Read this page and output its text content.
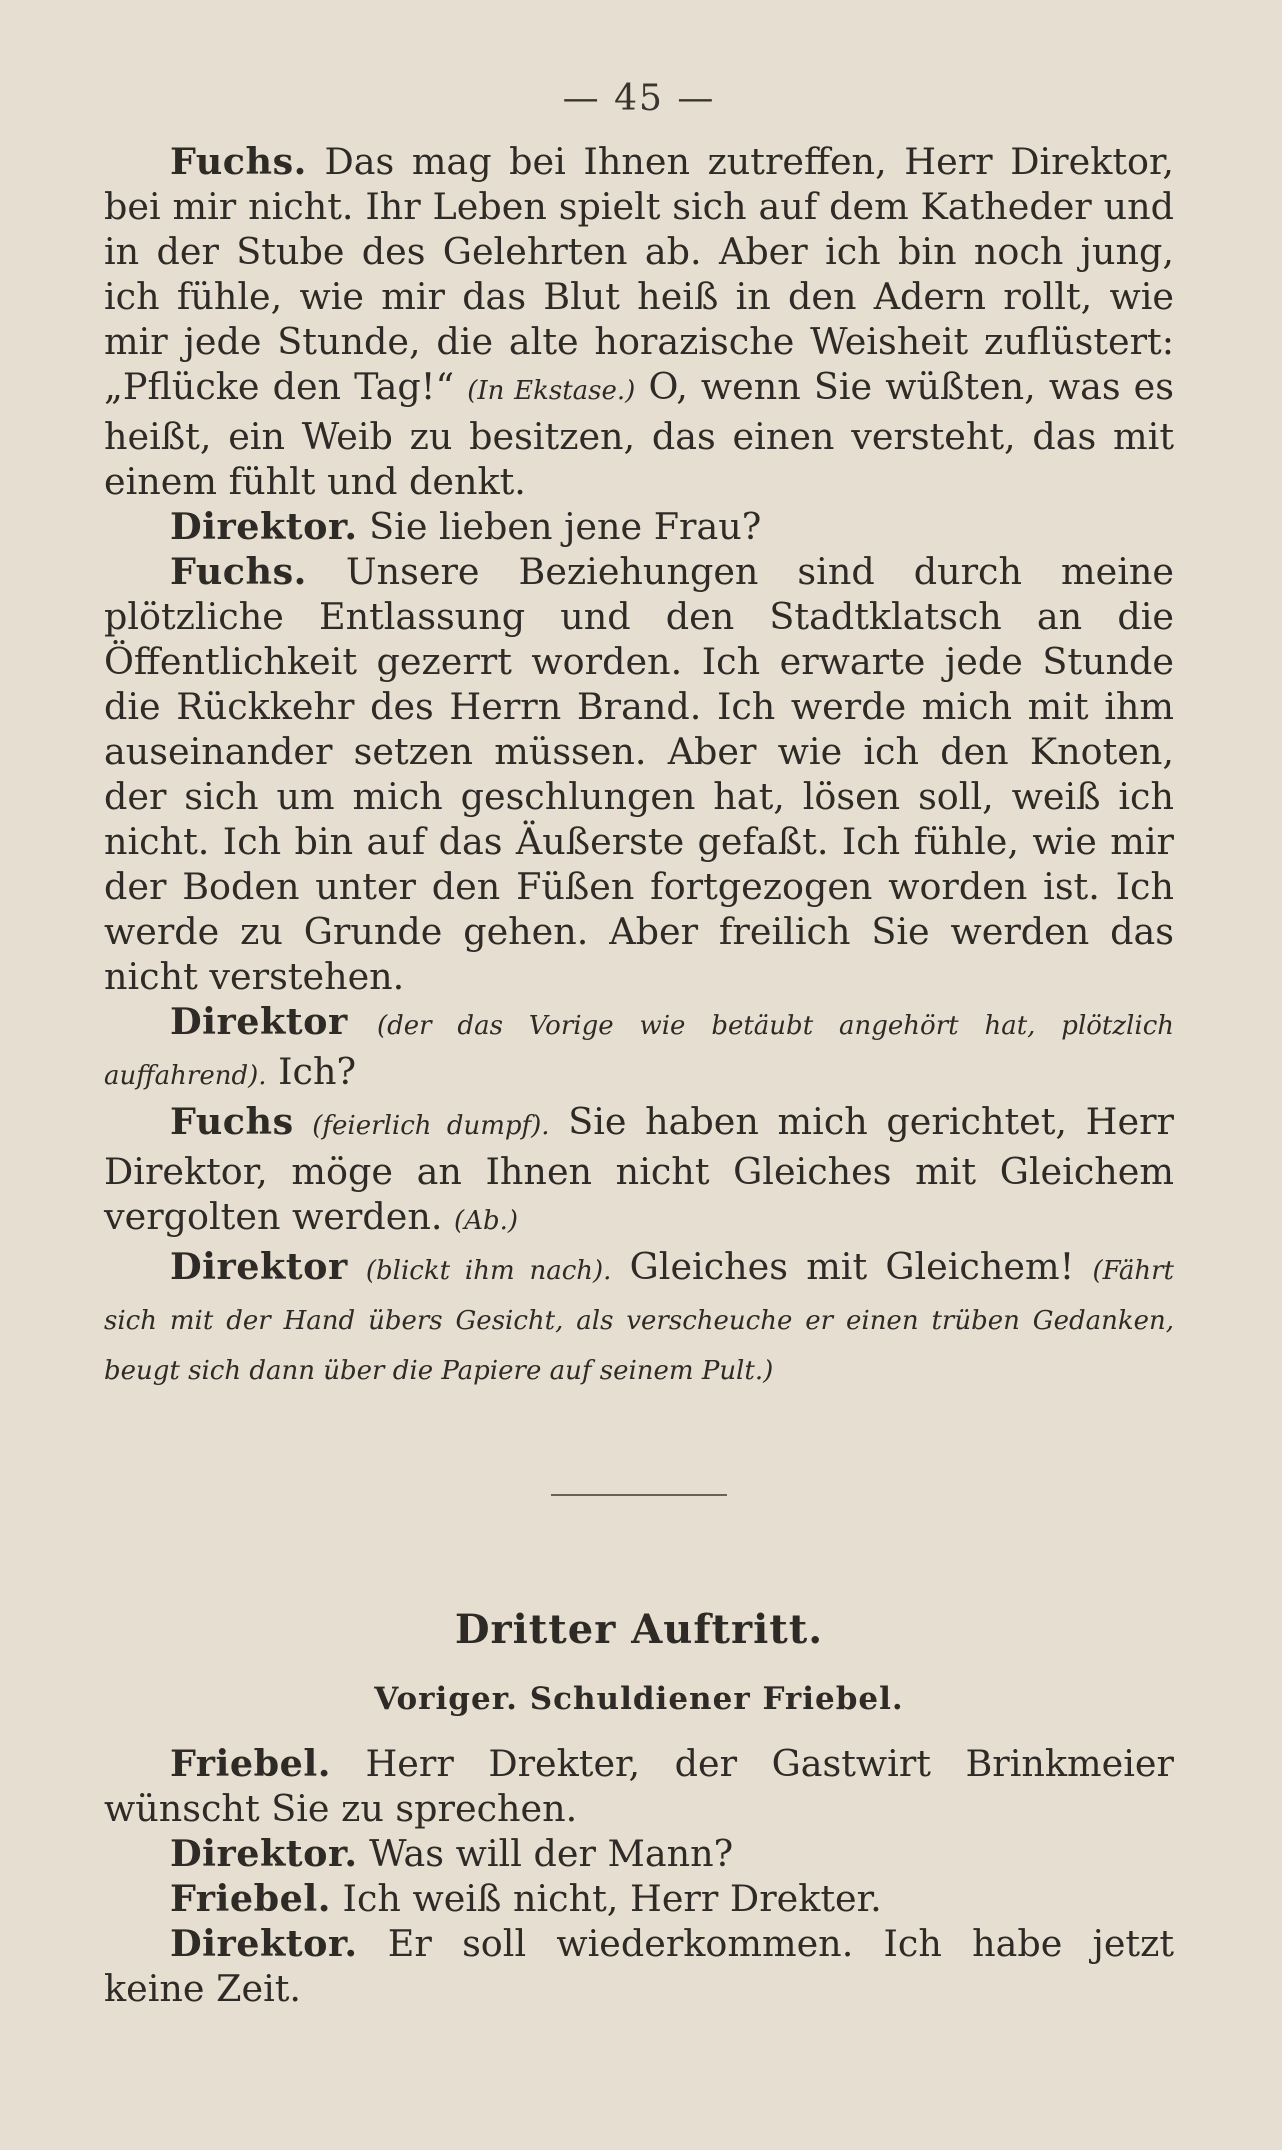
— 45 —

Fuchs. Das mag bei Ihnen zutreffen, Herr Direktor, bei mir nicht. Ihr Leben spielt sich auf dem Katheder und in der Stube des Gelehrten ab. Aber ich bin noch jung, ich fühle, wie mir das Blut heiß in den Adern rollt, wie mir jede Stunde, die alte horazische Weisheit zuflüstert: „Pflücke den Tag!“ (In Ekstase.) O, wenn Sie wüßten, was es heißt, ein Weib zu besitzen, das einen versteht, das mit einem fühlt und denkt.

Direktor. Sie lieben jene Frau?

Fuchs. Unsere Beziehungen sind durch meine plötzliche Entlassung und den Stadtklatsch an die Öffentlichkeit gezerrt worden. Ich erwarte jede Stunde die Rückkehr des Herrn Brand. Ich werde mich mit ihm auseinander setzen müssen. Aber wie ich den Knoten, der sich um mich geschlungen hat, lösen soll, weiß ich nicht. Ich bin auf das Äußerste gefaßt. Ich fühle, wie mir der Boden unter den Füßen fortgezogen worden ist. Ich werde zu Grunde gehen. Aber freilich Sie werden das nicht verstehen.

Direktor (der das Vorige wie betäubt angehört hat, plötzlich auffahrend). Ich?

Fuchs (feierlich dumpf). Sie haben mich gerichtet, Herr Direktor, möge an Ihnen nicht Gleiches mit Gleichem vergolten werden. (Ab.)

Direktor (blickt ihm nach). Gleiches mit Gleichem! (Fährt sich mit der Hand übers Gesicht, als verscheuche er einen trüben Gedanken, beugt sich dann über die Papiere auf seinem Pult.)

Dritter Auftritt.
Voriger. Schuldiener Friebel.

Friebel. Herr Drekter, der Gastwirt Brinkmeier wünscht Sie zu sprechen.

Direktor. Was will der Mann?

Friebel. Ich weiß nicht, Herr Drekter.

Direktor. Er soll wiederkommen. Ich habe jetzt keine Zeit.
